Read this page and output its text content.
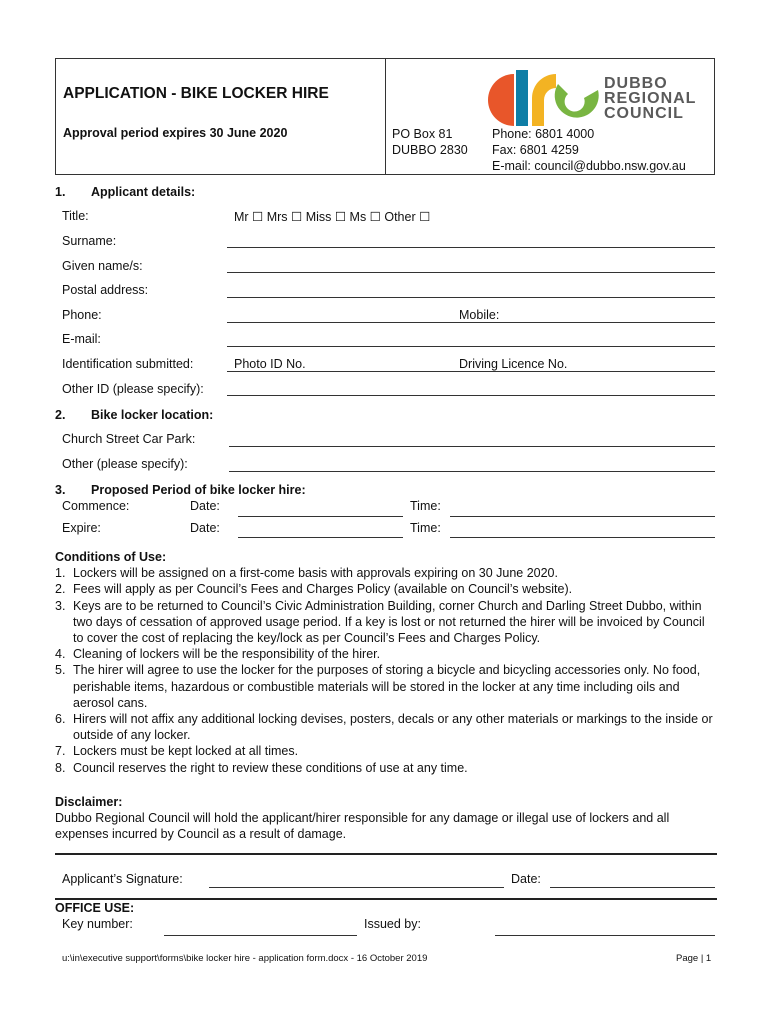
APPLICATION - BIKE LOCKER HIRE
Approval period expires 30 June 2020	PO Box 81
DUBBO 2830
Phone: 6801 4000
Fax: 6801 4259
E-mail: council@dubbo.nsw.gov.au
DUBBO
REGIONAL
COUNCIL
1. Applicant details:
Title:	Mr ☐ Mrs ☐ Miss ☐ Ms ☐ Other ☐
Surname:
Given name/s:
Postal address:
Phone:	Mobile:
E-mail:
Identification submitted:	Photo ID No.	Driving Licence No.
Other ID (please specify):
2. Bike locker location:
Church Street Car Park:
Other (please specify):
3. Proposed Period of bike locker hire:
Commence:	Date:	Time:
Expire:	Date:	Time:
Conditions of Use:
1. Lockers will be assigned on a first-come basis with approvals expiring on 30 June 2020.
2. Fees will apply as per Council’s Fees and Charges Policy (available on Council’s website).
3. Keys are to be returned to Council’s Civic Administration Building, corner Church and Darling Street Dubbo, within two days of cessation of approved usage period. If a key is lost or not returned the hirer will be invoiced by Council to cover the cost of replacing the key/lock as per Council’s Fees and Charges Policy.
4. Cleaning of lockers will be the responsibility of the hirer.
5. The hirer will agree to use the locker for the purposes of storing a bicycle and bicycling accessories only. No food, perishable items, hazardous or combustible materials will be stored in the locker at any time including oils and aerosol cans.
6. Hirers will not affix any additional locking devises, posters, decals or any other materials or markings to the inside or outside of any locker.
7. Lockers must be kept locked at all times.
8. Council reserves the right to review these conditions of use at any time.
Disclaimer:
Dubbo Regional Council will hold the applicant/hirer responsible for any damage or illegal use of lockers and all expenses incurred by Council as a result of damage.
Applicant’s Signature:	Date:
OFFICE USE:
Key number:	Issued by:
u:\in\executive support\forms\bike locker hire - application form.docx - 16 October 2019	Page | 1
